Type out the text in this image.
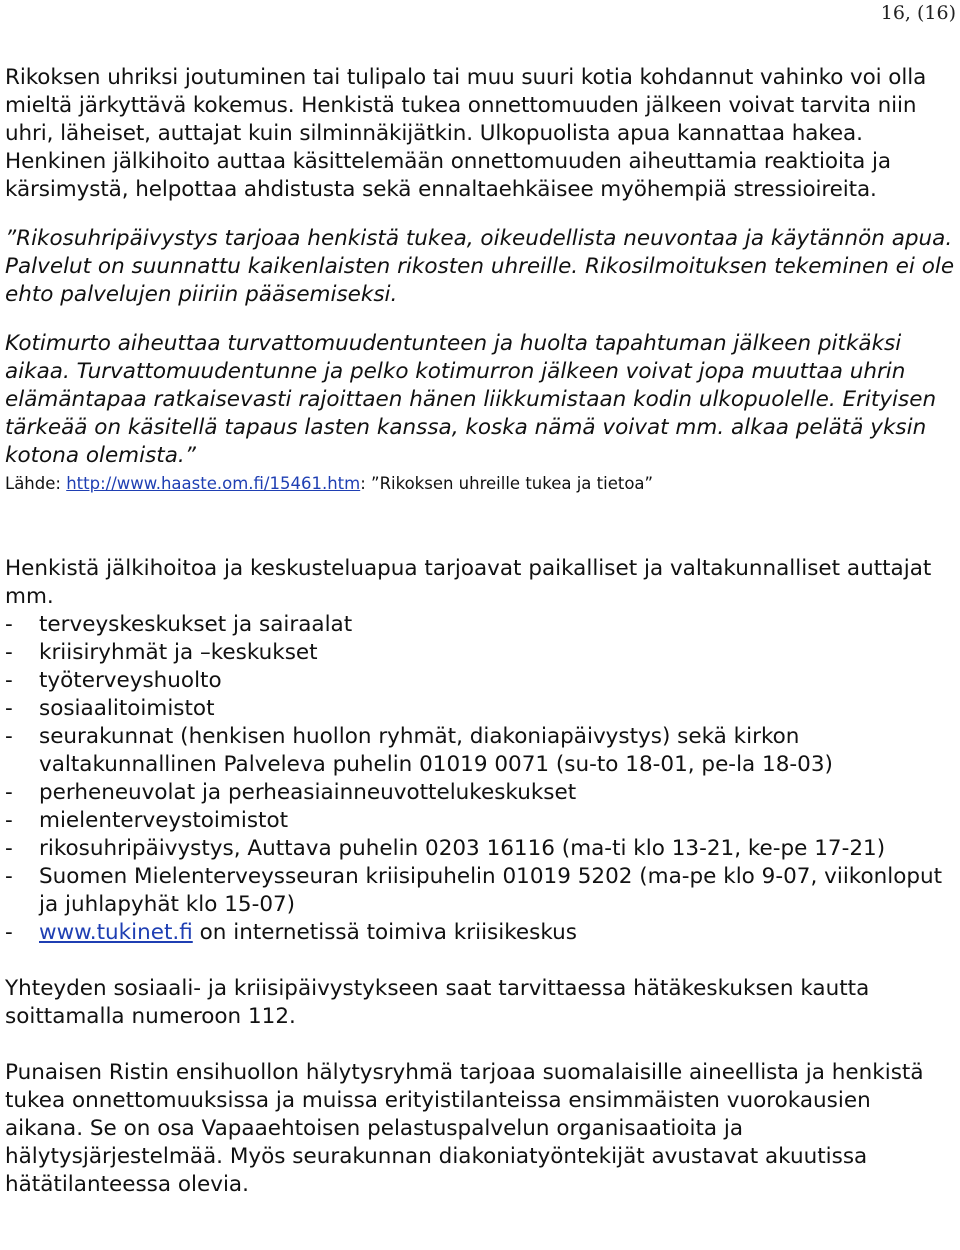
16, (16)

Rikoksen uhriksi joutuminen tai tulipalo tai muu suuri kotia kohdannut vahinko voi olla mieltä järkyttävä kokemus. Henkistä tukea onnettomuuden jälkeen voivat tarvita niin uhri, läheiset, auttajat kuin silminnäkijätkin. Ulkopuolista apua kannattaa hakea. Henkinen jälkihoito auttaa käsittelemään onnettomuuden aiheuttamia reaktioita ja kärsimystä, helpottaa ahdistusta sekä ennaltaehkäisee myöhempiä stressioireita.

”Rikosuhripäivystys tarjoaa henkistä tukea, oikeudellista neuvontaa ja käytännön apua. Palvelut on suunnattu kaikenlaisten rikosten uhreille. Rikosilmoituksen tekeminen ei ole ehto palvelujen piiriin pääsemiseksi.

Kotimurto aiheuttaa turvattomuudentunteen ja huolta tapahtuman jälkeen pitkäksi aikaa. Turvattomuudentunne ja pelko kotimurron jälkeen voivat jopa muuttaa uhrin elämäntapaa ratkaisevasti rajoittaen hänen liikkumistaan kodin ulkopuolelle. Erityisen tärkeää on käsitellä tapaus lasten kanssa, koska nämä voivat mm. alkaa pelätä yksin kotona olemista.”

Lähde: http://www.haaste.om.fi/15461.htm: ”Rikoksen uhreille tukea ja tietoa”

Henkistä jälkihoitoa ja keskusteluapua tarjoavat paikalliset ja valtakunnalliset auttajat mm.

- terveyskeskukset ja sairaalat
- kriisiryhmät ja –keskukset
- työterveyshuolto
- sosiaalitoimistot
- seurakunnat (henkisen huollon ryhmät, diakoniapäivystys) sekä kirkon valtakunnallinen Palveleva puhelin 01019 0071 (su-to 18-01, pe-la 18-03)
- perheneuvolat ja perheasiainneuvottelukeskukset
- mielenterveystoimistot
- rikosuhripäivystys, Auttava puhelin 0203 16116 (ma-ti klo 13-21, ke-pe 17-21)
- Suomen Mielenterveysseuran kriisipuhelin 01019 5202 (ma-pe klo 9-07, viikonloput ja juhlapyhät klo 15-07)
- www.tukinet.fi on internetissä toimiva kriisikeskus

Yhteyden sosiaali- ja kriisipäivystykseen saat tarvittaessa hätäkeskuksen kautta soittamalla numeroon 112.

Punaisen Ristin ensihuollon hälytysryhmä tarjoaa suomalaisille aineellista ja henkistä tukea onnettomuuksissa ja muissa erityistilanteissa ensimmäisten vuorokausien aikana. Se on osa Vapaaehtoisen pelastuspalvelun organisaatioita ja hälytysjärjestelmää. Myös seurakunnan diakoniatyöntekijät avustavat akuutissa hätätilanteessa olevia.
